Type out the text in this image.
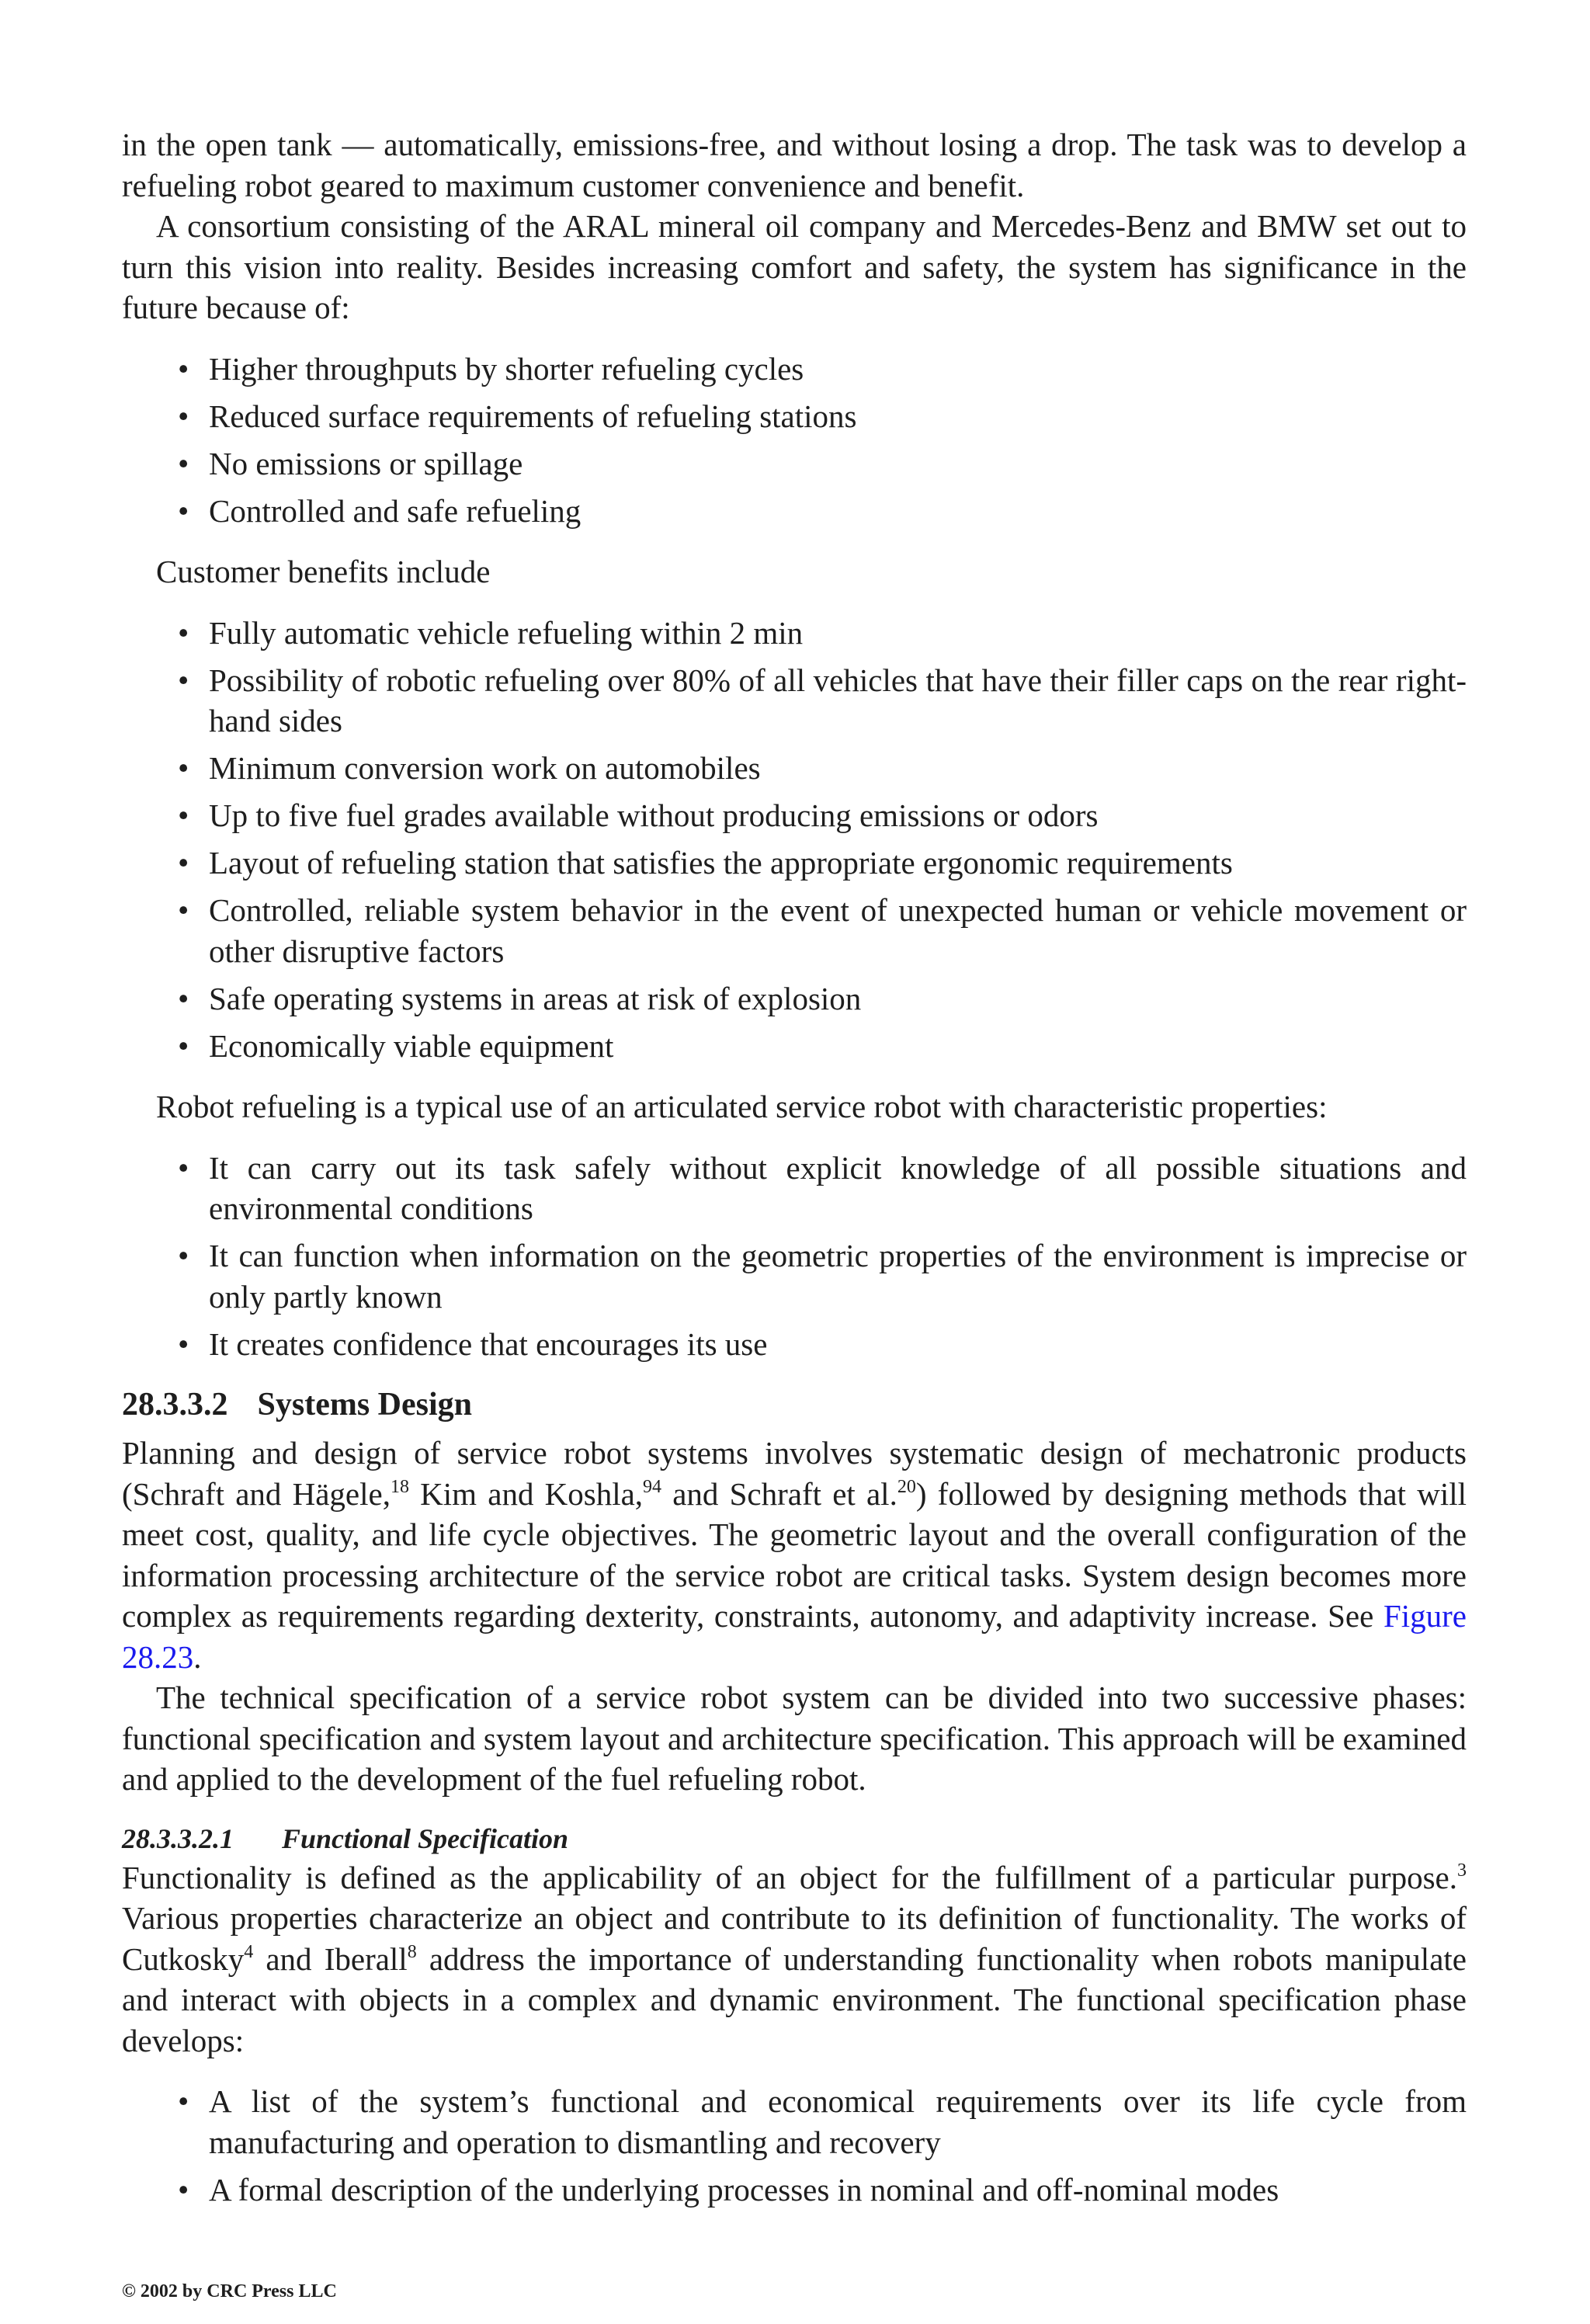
in the open tank — automatically, emissions-free, and without losing a drop. The task was to develop a refueling robot geared to maximum customer convenience and benefit.

A consortium consisting of the ARAL mineral oil company and Mercedes-Benz and BMW set out to turn this vision into reality. Besides increasing comfort and safety, the system has significance in the future because of:

• Higher throughputs by shorter refueling cycles
• Reduced surface requirements of refueling stations
• No emissions or spillage
• Controlled and safe refueling

Customer benefits include

• Fully automatic vehicle refueling within 2 min
• Possibility of robotic refueling over 80% of all vehicles that have their filler caps on the rear right-hand sides
• Minimum conversion work on automobiles
• Up to five fuel grades available without producing emissions or odors
• Layout of refueling station that satisfies the appropriate ergonomic requirements
• Controlled, reliable system behavior in the event of unexpected human or vehicle movement or other disruptive factors
• Safe operating systems in areas at risk of explosion
• Economically viable equipment

Robot refueling is a typical use of an articulated service robot with characteristic properties:

• It can carry out its task safely without explicit knowledge of all possible situations and environmental conditions
• It can function when information on the geometric properties of the environment is imprecise or only partly known
• It creates confidence that encourages its use
28.3.3.2 Systems Design

Planning and design of service robot systems involves systematic design of mechatronic products (Schraft and Hägele,$^{18}$ Kim and Koshla,$^{94}$ and Schraft et al.$^{20}$) followed by designing methods that will meet cost, quality, and life cycle objectives. The geometric layout and the overall configuration of the information processing architecture of the service robot are critical tasks. System design becomes more complex as requirements regarding dexterity, constraints, autonomy, and adaptivity increase. See Figure 28.23.

The technical specification of a service robot system can be divided into two successive phases: functional specification and system layout and architecture specification. This approach will be examined and applied to the development of the fuel refueling robot.

28.3.3.2.1 Functional Specification

Functionality is defined as the applicability of an object for the fulfillment of a particular purpose.$^3$ Various properties characterize an object and contribute to its definition of functionality. The works of Cutkosky$^4$ and Iberall$^8$ address the importance of understanding functionality when robots manipulate and interact with objects in a complex and dynamic environment. The functional specification phase develops:

• A list of the system’s functional and economical requirements over its life cycle from manufacturing and operation to dismantling and recovery
• A formal description of the underlying processes in nominal and off-nominal modes
© 2002 by CRC Press LLC
